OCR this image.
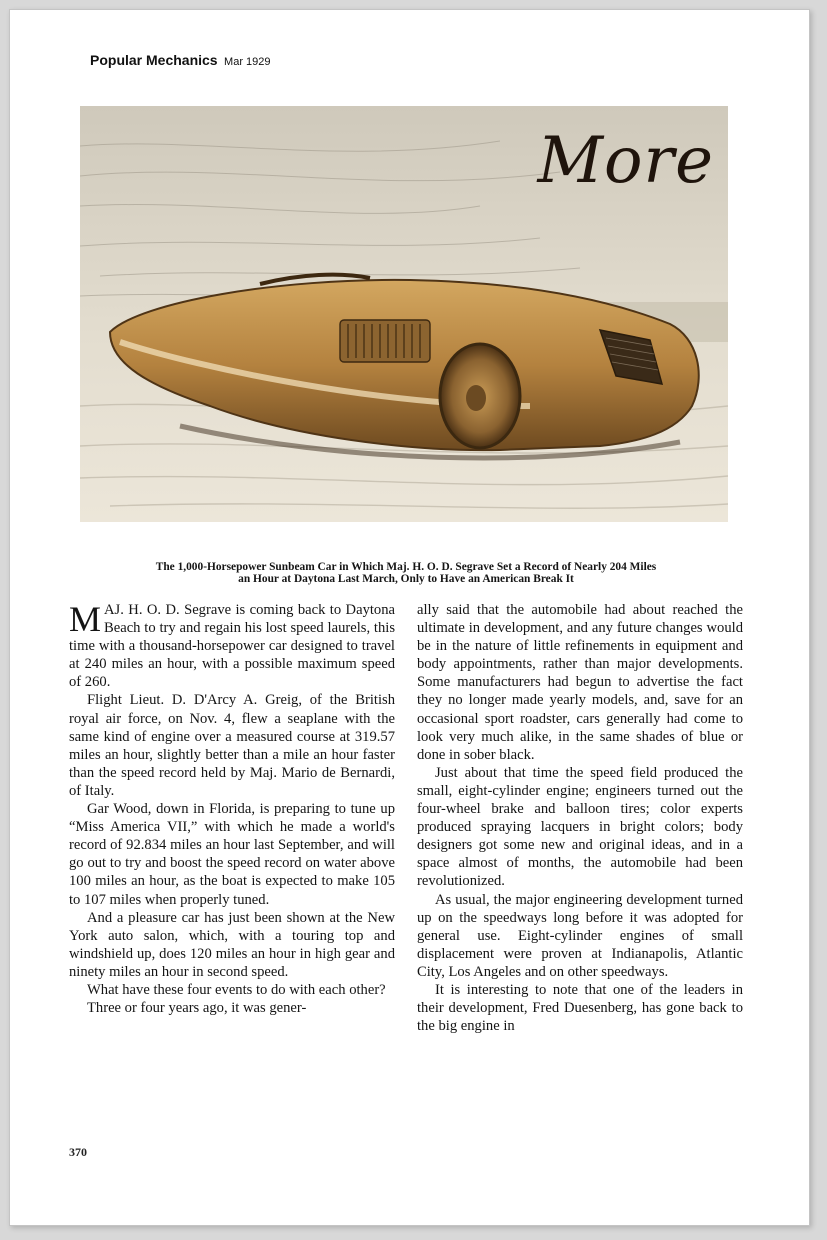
Popular Mechanics Mar 1929
More
The 1,000-Horsepower Sunbeam Car in Which Maj. H. O. D. Segrave Set a Record of Nearly 204 Miles
an Hour at Daytona Last March, Only to Have an American Break It

MAJ. H. O. D. Segrave is coming back to Daytona Beach to try and regain his lost speed laurels, this time with a thousand-horsepower car designed to travel at 240 miles an hour, with a possible maximum speed of 260.

Flight Lieut. D. D'Arcy A. Greig, of the British royal air force, on Nov. 4, flew a seaplane with the same kind of engine over a measured course at 319.57 miles an hour, slightly better than a mile an hour faster than the speed record held by Maj. Mario de Bernardi, of Italy.

Gar Wood, down in Florida, is preparing to tune up “Miss America VII,” with which he made a world's record of 92.834 miles an hour last September, and will go out to try and boost the speed record on water above 100 miles an hour, as the boat is expected to make 105 to 107 miles when properly tuned.

And a pleasure car has just been shown at the New York auto salon, which, with a touring top and windshield up, does 120 miles an hour in high gear and ninety miles an hour in second speed.

What have these four events to do with each other?

Three or four years ago, it was gener-

ally said that the automobile had about reached the ultimate in development, and any future changes would be in the nature of little refinements in equipment and body appointments, rather than major developments. Some manufacturers had begun to advertise the fact they no longer made yearly models, and, save for an occasional sport roadster, cars generally had come to look very much alike, in the same shades of blue or done in sober black.

Just about that time the speed field produced the small, eight-cylinder engine; engineers turned out the four-wheel brake and balloon tires; color experts produced spraying lacquers in bright colors; body designers got some new and original ideas, and in a space almost of months, the automobile had been revolutionized.

As usual, the major engineering development turned up on the speedways long before it was adopted for general use. Eight-cylinder engines of small displacement were proven at Indianapolis, Atlantic City, Los Angeles and on other speedways.

It is interesting to note that one of the leaders in their development, Fred Duesenberg, has gone back to the big engine in

370
